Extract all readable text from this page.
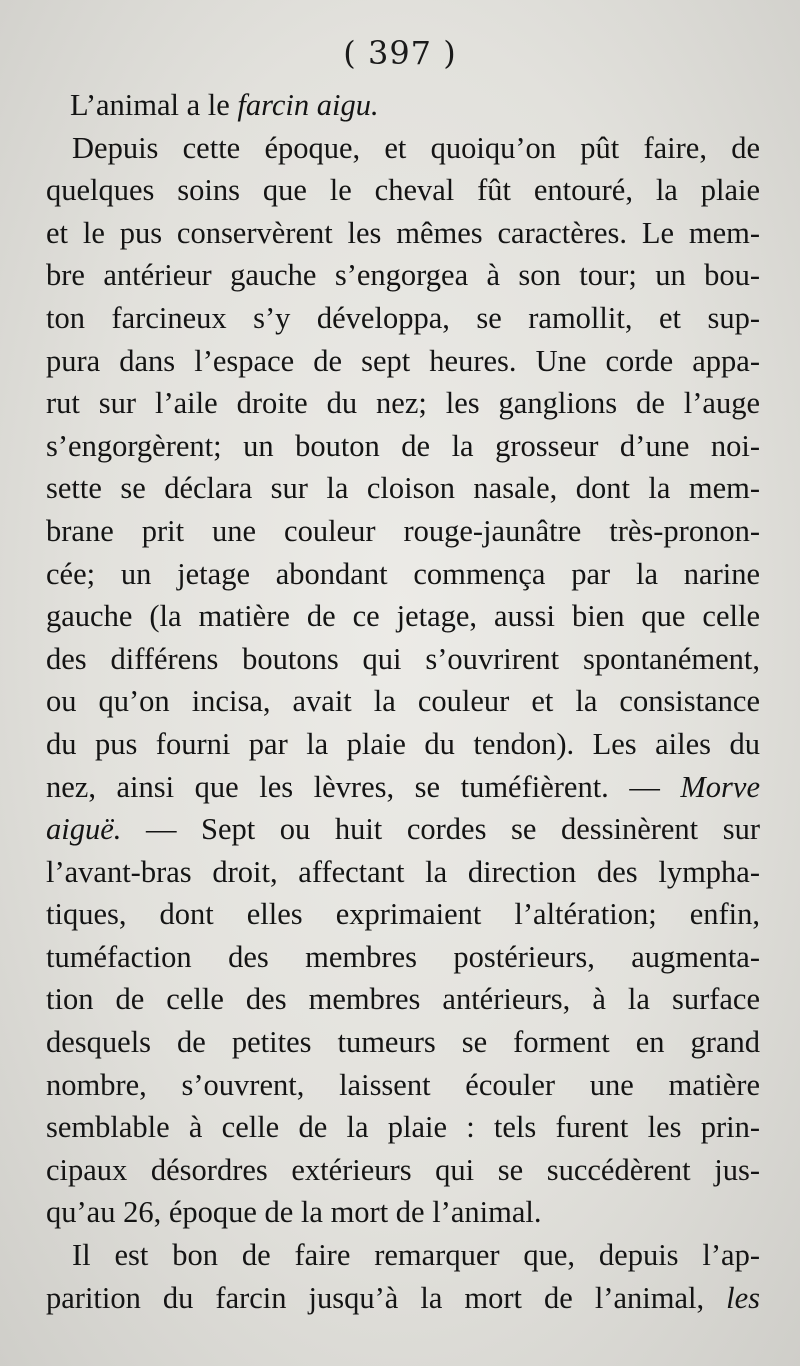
( 397 )
L’animal a le farcin aigu.
Depuis cette époque, et quoiqu’on pût faire, de
quelques soins que le cheval fût entouré, la plaie
et le pus conservèrent les mêmes caractères. Le mem-
bre antérieur gauche s’engorgea à son tour; un bou-
ton farcineux s’y développa, se ramollit, et sup-
pura dans l’espace de sept heures. Une corde appa-
rut sur l’aile droite du nez; les ganglions de l’auge
s’engorgèrent; un bouton de la grosseur d’une noi-
sette se déclara sur la cloison nasale, dont la mem-
brane prit une couleur rouge-jaunâtre très-pronon-
cée; un jetage abondant commença par la narine
gauche (la matière de ce jetage, aussi bien que celle
des différens boutons qui s’ouvrirent spontanément,
ou qu’on incisa, avait la couleur et la consistance
du pus fourni par la plaie du tendon). Les ailes du
nez, ainsi que les lèvres, se tuméfièrent. — Morve
aiguë. — Sept ou huit cordes se dessinèrent sur
l’avant-bras droit, affectant la direction des lympha-
tiques, dont elles exprimaient l’altération; enfin,
tuméfaction des membres postérieurs, augmenta-
tion de celle des membres antérieurs, à la surface
desquels de petites tumeurs se forment en grand
nombre, s’ouvrent, laissent écouler une matière
semblable à celle de la plaie : tels furent les prin-
cipaux désordres extérieurs qui se succédèrent jus-
qu’au 26, époque de la mort de l’animal.
Il est bon de faire remarquer que, depuis l’ap-
parition du farcin jusqu’à la mort de l’animal, les
